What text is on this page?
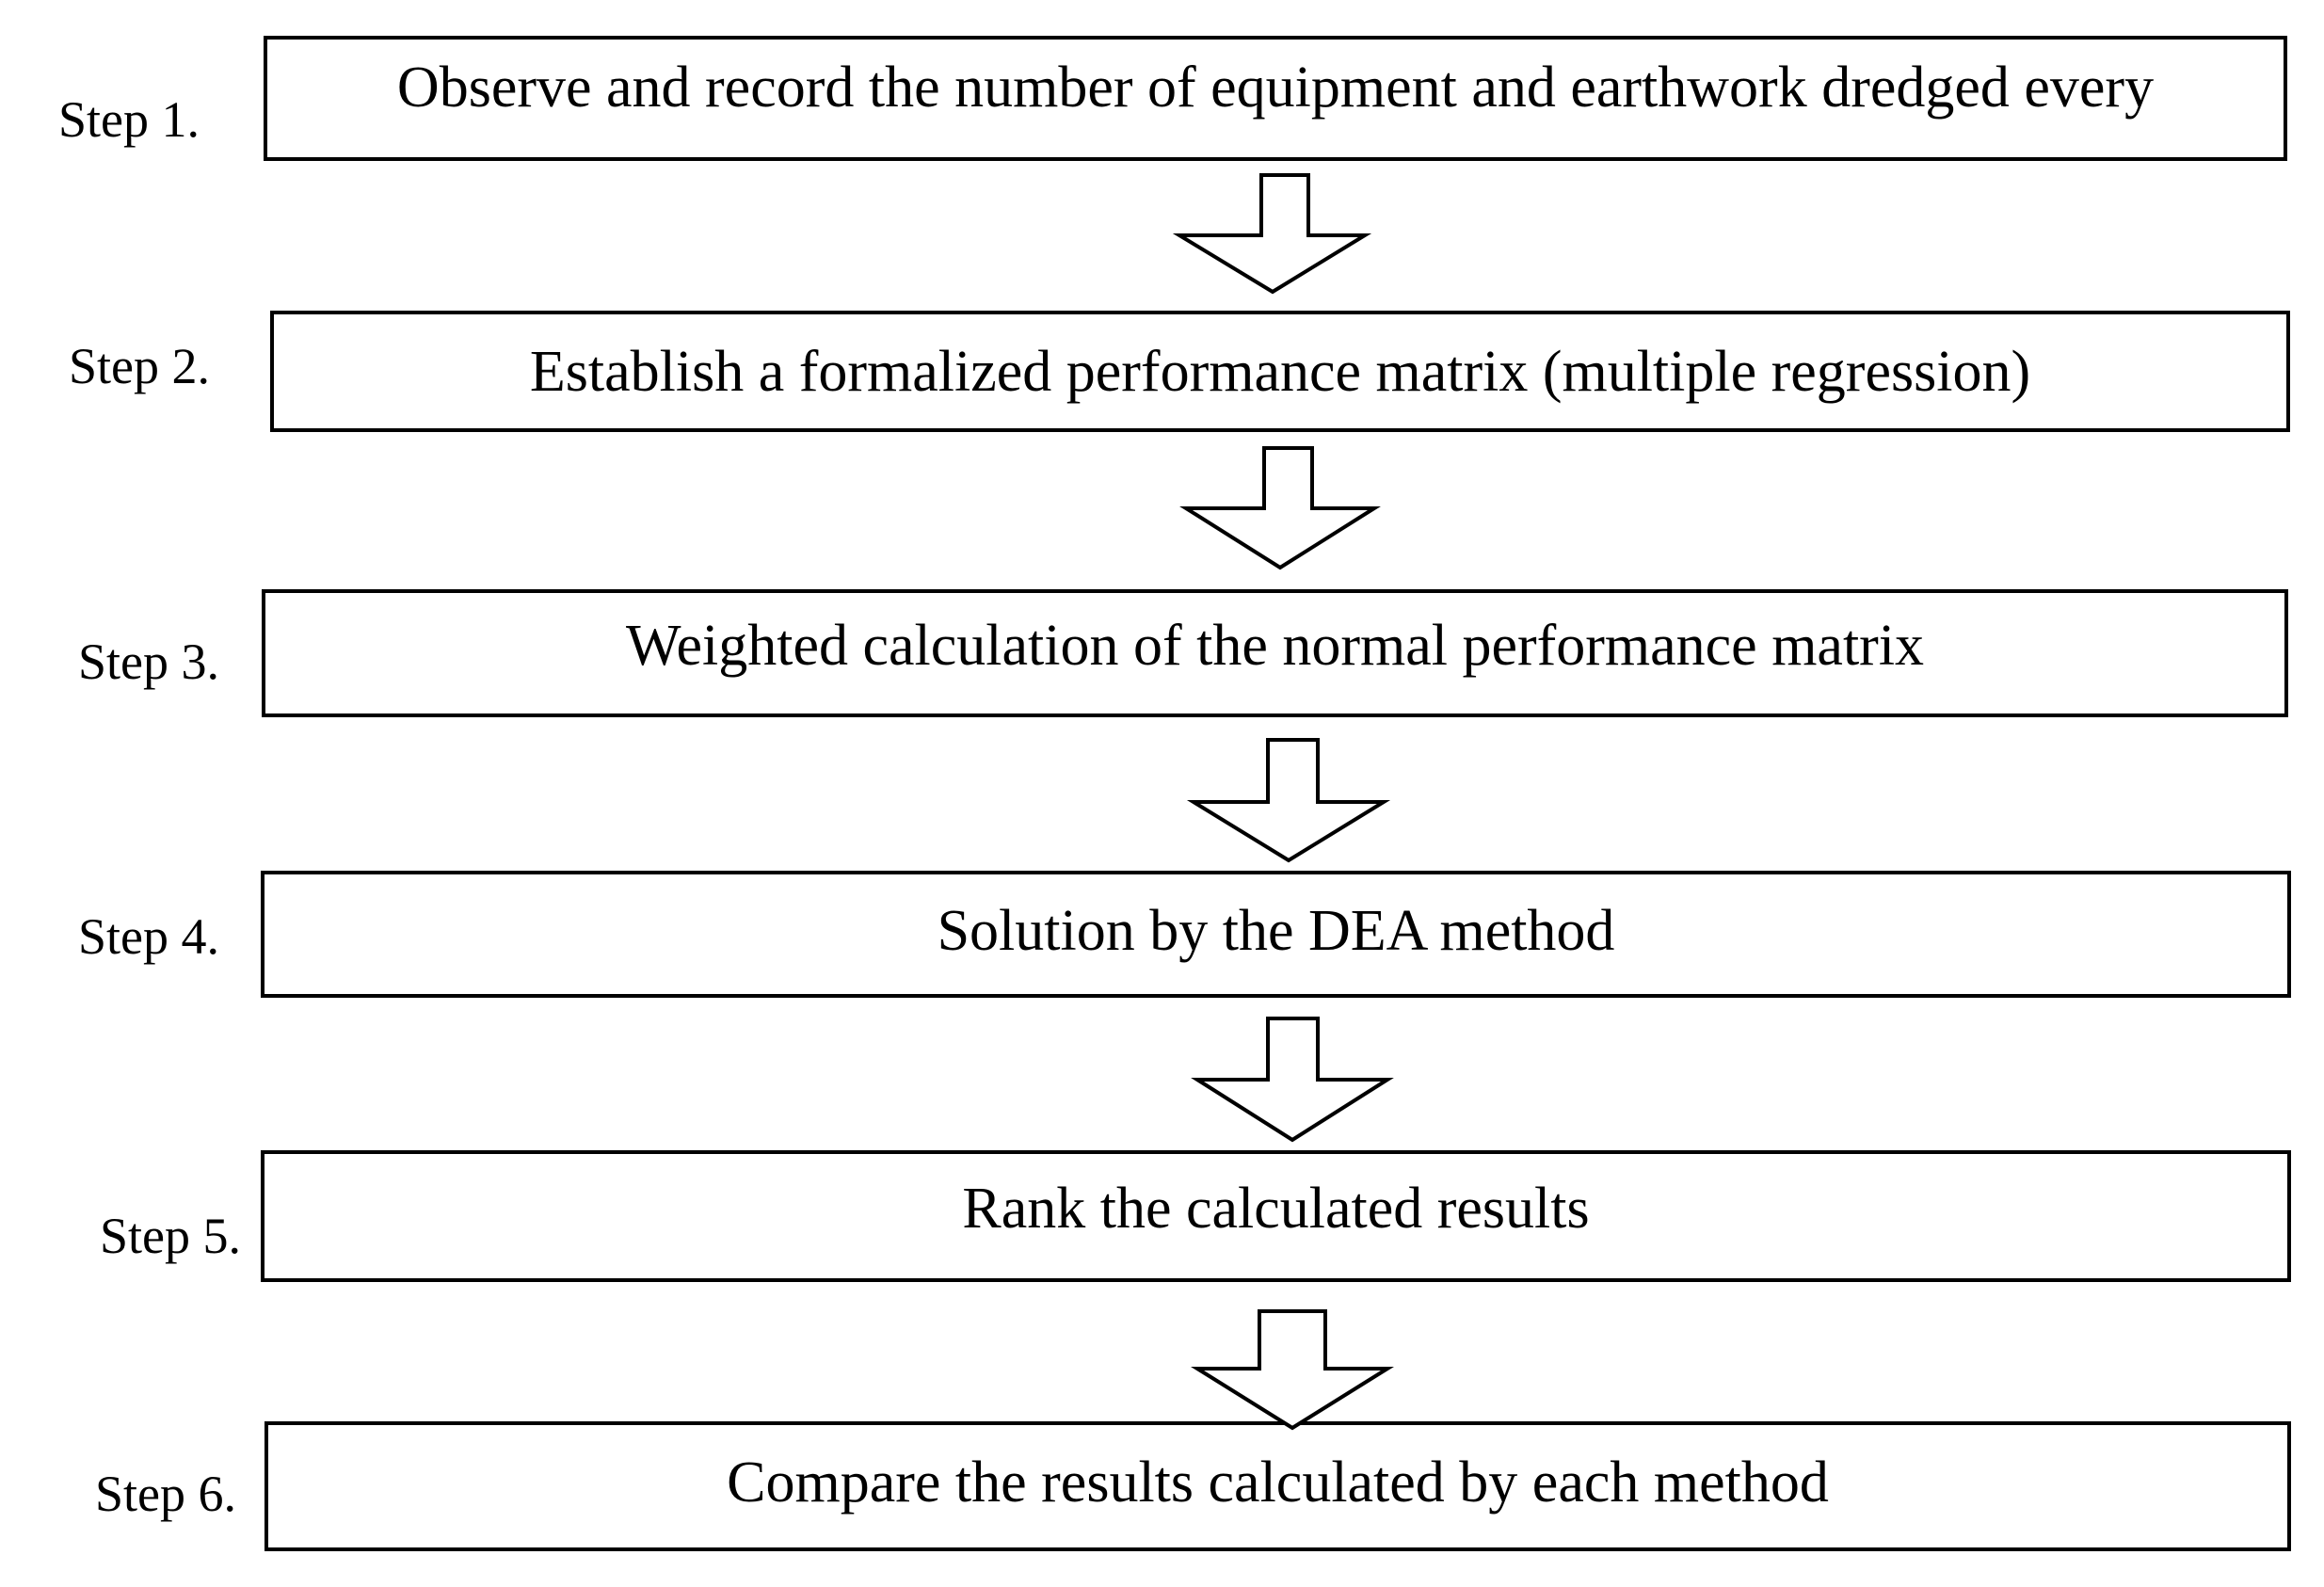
Step 1.
Observe and record the number of equipment and earthwork dredged every
Step 2.	Establish a formalized performance matrix (multiple regression)
Step 3.	Weighted calculation of the normal performance matrix
Step 4.	Solution by the DEA method
Step 5.	Rank the calculated results
Step 6.	Compare the results calculated by each method
